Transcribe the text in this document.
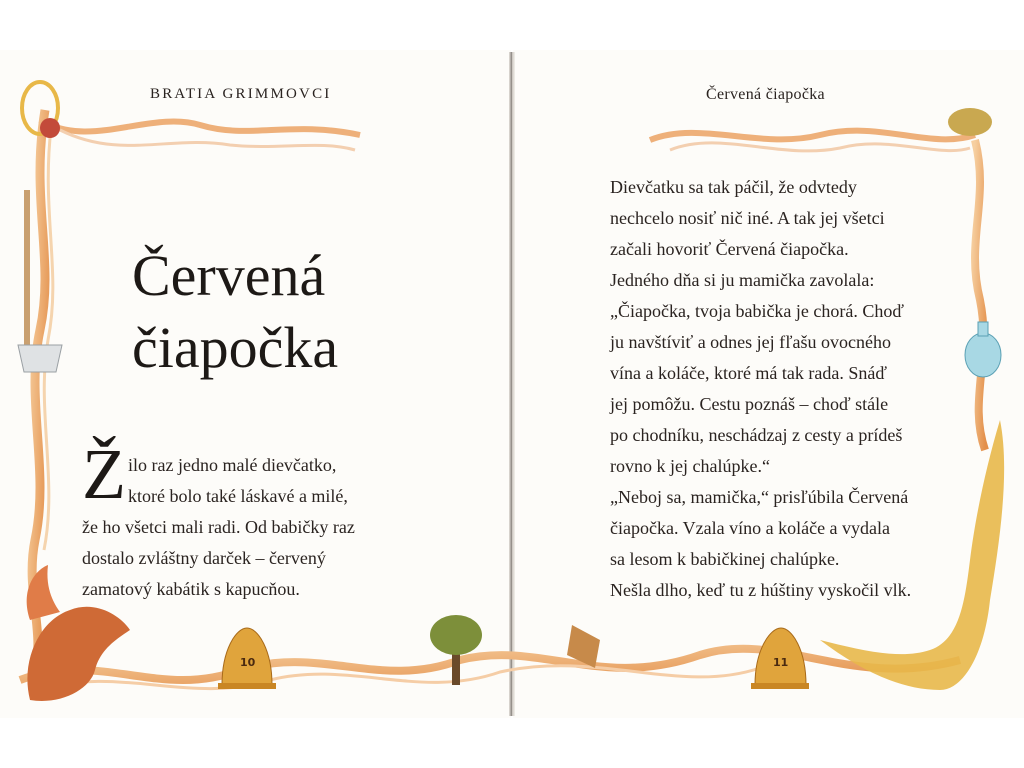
BRATIA GRIMMOVCI
Červená
čiapočka
Ž ilo raz jedno malé dievčatko,
ktoré bolo také láskavé a milé,
že ho všetci mali radi. Od babičky raz
dostalo zvláštny darček – červený
zamatový kabátik s kapucňou.
10
Červená čiapočka
Dievčatku sa tak páčil, že odvtedy
nechcelo nosiť nič iné. A tak jej všetci
začali hovoriť Červená čiapočka.
Jedného dňa si ju mamička zavolala:
„Čiapočka, tvoja babička je chorá. Choď
ju navštíviť a odnes jej fľašu ovocného
vína a koláče, ktoré má tak rada. Snáď
jej pomôžu. Cestu poznáš – choď stále
po chodníku, neschádzaj z cesty a prídeš
rovno k jej chalúpke.“
„Neboj sa, mamička,“ prisľúbila Červená
čiapočka. Vzala víno a koláče a vydala
sa lesom k babičkinej chalúpke.
Nešla dlho, keď tu z húštiny vyskočil vlk.
11
